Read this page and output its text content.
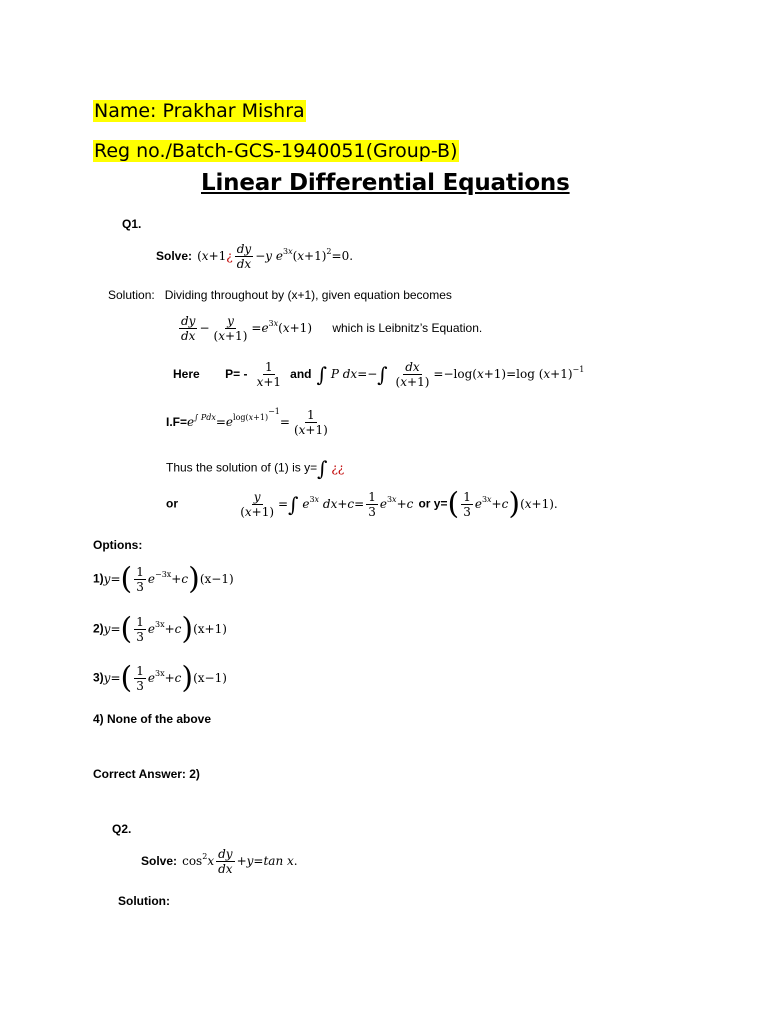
Name: Prakhar Mishra
Reg no./Batch-GCS-1940051(Group-B)
Linear Differential Equations
Q1.
Solve: (x+1¿ $\frac{dy}{dx} -y$ $e^{3x}(x+1)^2=0$.
Solution: Dividing throughout by (x+1), given equation becomes
$\frac{dy}{dx} - \frac{y}{(x+1)} =e^{3x}(x+1)$ which is Leibnitz’s Equation.
Here $P= - \frac{1}{x+1}$ and ∫ P $dx=-\int \frac{dx}{(x+1)} =-\log(x+1)=\log$ $(x+1)^{-1}$
$I.F=e^{\int Pdx}=e^{log(x+1)^{-1}}= \frac{1}{(x+1)}$
Thus the solution of (1) is y=∫ ¿¿
or	$\frac{y}{(x+1)}$ =∫ $e^{3x}$ $dx+c= \frac{1}{3} e^{3x}+c$ or $y=( \frac{1}{3} e^{3x}+c)(x+1)$.
Options:
$1)y=( \frac{1}{3} e^{-3x}+c)(x-1)$
$2)y=( \frac{1}{3} e^{3x}+c)(x+1)$
$3)y=( \frac{1}{3} e^{3x}+c)(x-1)$
4) None of the above
Correct Answer: 2)
Q2.
Solve: $\cos^2x \frac{dy}{dx} +y=\tan$ x.
Solution:
